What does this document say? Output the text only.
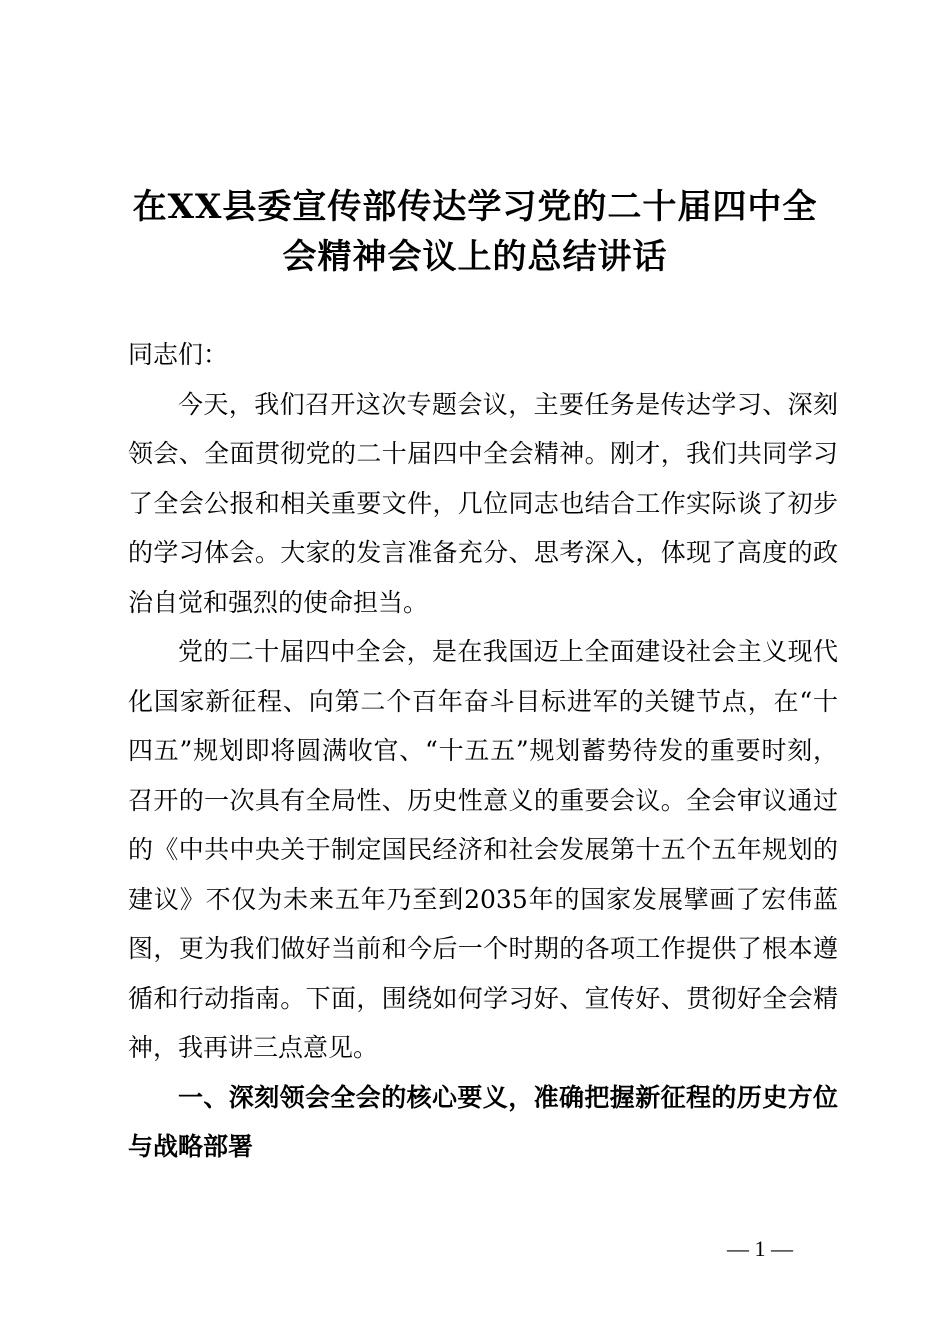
在XX县委宣传部传达学习党的二十届四中全
会精神会议上的总结讲话

同志们：

今天，我们召开这次专题会议，主要任务是传达学习、深刻领会、全面贯彻党的二十届四中全会精神。刚才，我们共同学习了全会公报和相关重要文件，几位同志也结合工作实际谈了初步的学习体会。大家的发言准备充分、思考深入，体现了高度的政治自觉和强烈的使命担当。

党的二十届四中全会，是在我国迈上全面建设社会主义现代化国家新征程、向第二个百年奋斗目标进军的关键节点，在“十四五”规划即将圆满收官、“十五五”规划蓄势待发的重要时刻，召开的一次具有全局性、历史性意义的重要会议。全会审议通过的《中共中央关于制定国民经济和社会发展第十五个五年规划的建议》不仅为未来五年乃至到2035年的国家发展擘画了宏伟蓝图，更为我们做好当前和今后一个时期的各项工作提供了根本遵循和行动指南。下面，围绕如何学习好、宣传好、贯彻好全会精神，我再讲三点意见。

一、深刻领会全会的核心要义，准确把握新征程的历史方位与战略部署

— 1 —
